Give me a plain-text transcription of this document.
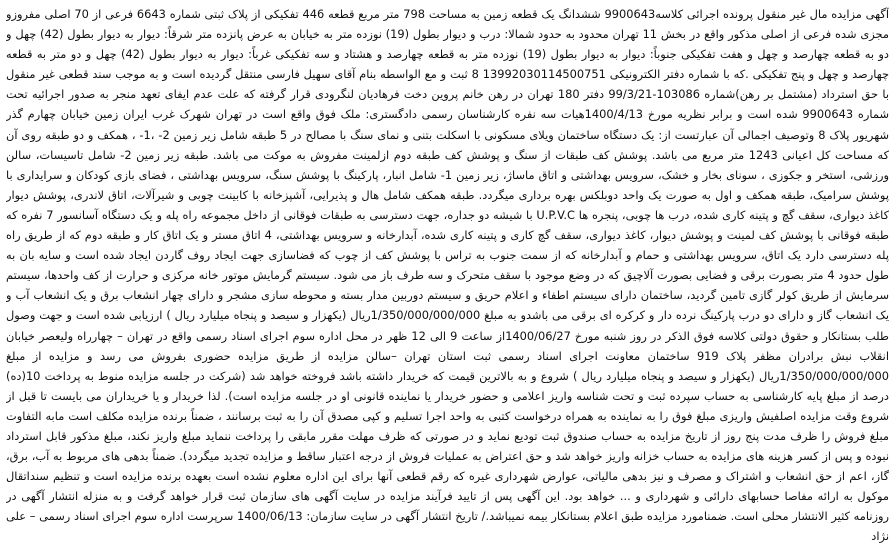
آگهی مزایده مال غیر منقول پرونده اجرائی کلاسه9900643 ششدانگ یک قطعه زمین به مساحت 798 متر مربع قطعه 446 تفکیکی از پلاک ثبتی شماره 6643 فرعی از 70 اصلی مفروزو مجزی شده فرعی از اصلی مذکور واقع در بخش 11 تهران محدود به حدود شمالا: درب و دیوار بطول (19) نوزده متر به خیابان به عرض پانزده متر شرقاً: دیوار به دیوار بطول (42) چهل و دو به قطعه چهارصد و چهل و هفت تفکیکی جنوباً: دیوار به دیوار بطول (19) نوزده متر به قطعه چهارصد و هشتاد و سه تفکیکی غرباً: دیوار به دیوار بطول (42) چهل و دو متر به قطعه چهارصد و چهل و پنج تفکیکی .که با شماره دفتر الکترونیکی 13992030114500751 8 ثبت و مع الواسطه بنام آقای سهیل فارسی منتقل گردیده است و به موجب سند قطعی غیر منقول با حق استرداد (مشتمل بر رهن)شماره 103086-99/3/21 دفتر 180 تهران در رهن خانم پروین دخت فرهادیان لنگرودی قرار گرفته که علت عدم ایفای تعهد منجر به صدور اجرائیه تحت شماره 9900643 شده است و برابر نظریه مورخ 1400/4/13هیات سه نفره کارشناسان رسمی دادگستری: ملک فوق واقع است در تهران شهرک غرب ایران زمین خیابان چهارم گذر شهریور پلاک 8 وتوصیف اجمالی آن عبارتست از: یک دستگاه ساختمان ویلای مسکونی با اسکلت بتنی و نمای سنگ با مصالح در 5 طبقه شامل زیر زمین 2- ،1- ، همکف و دو طبقه روی آن که مساحت کل اعیانی 1243 متر مربع می باشد. پوشش کف طبقات از سنگ و پوشش کف طبقه دوم ازلمینت مفروش به موکت می باشد. طبقه زیر زمین 2- شامل تاسیسات، سالن ورزشی، استخر و جکوزی ، سونای بخار و خشک، سرویس بهداشتی و اتاق ماساژ، زیر زمین 1- شامل انبار، پارکینگ با پوشش سنگ، سرویس بهداشتی ، فضای بازی کودکان و سرایداری با پوشش سرامیک، طبقه همکف و اول به صورت یک واحد دوبلکس بهره برداری میگردد. طبقه همکف شامل هال و پذیرایی، آشپزخانه با کابینت چوبی و شیرآلات، اتاق لاندری، پوشش دیوار کاغذ دیواری، سقف گچ و پتینه کاری شده، درب ها چوبی، پنجره ها U.P.V.C با شیشه دو جداره، جهت دسترسی به طبقات فوقانی از داخل مجموعه راه پله و یک دستگاه آسانسور 7 نفره که طبقه فوقانی با پوشش کف لمینت و پوشش دیوار، کاغذ دیواری، سقف گچ کاری و پتینه کاری شده، آبدارخانه و سرویس بهداشتی، 4 اتاق مستر و یک اتاق کار و طبقه دوم که از طریق راه پله دسترسی دارد یک اتاق، سرویس بهداشتی و حمام و آبدارخانه که از سمت جنوب به تراس با پوشش کف از چوب که فضاسازی جهت ایجاد روف گاردن ایجاد شده است و سایه بان به طول حدود 4 متر بصورت برقی و فضایی بصورت آلاچیق که در وضع موجود با سقف متحرک و سه طرف باز می شود. سیستم گرمایش موتور خانه مرکزی و حرارت از کف واحدها، سیستم سرمایش از طریق کولر گازی تامین گردید، ساختمان دارای سیستم اطفاء و اعلام حریق و سیستم دوربین مدار بسته و محوطه سازی مشجر و دارای چهار انشعاب برق و یک انشعاب آب و یک انشعاب گاز و دارای دو درب پارکینگ نرده دار و کرکره ای برقی می باشدو به مبلغ 1/350/000/000/000ریال (یکهزار و سیصد و پنجاه میلیارد ریال ) ارزیابی شده است و جهت وصول طلب بستانکار و حقوق دولتی کلاسه فوق الذکر در روز شنبه مورخ 1400/06/27از ساعت 9 الی 12 ظهر در محل اداره سوم اجرای اسناد رسمی واقع در تهران – چهارراه ولیعصر خیابان انقلاب نبش برادران مظفر پلاک 919 ساختمان معاونت اجرای اسناد رسمی ثبت استان تهران –سالن مزایده از طریق مزایده حضوری بفروش می رسد و مزایده از مبلغ 1/350/000/000/000ریال (یکهزار و سیصد و پنجاه میلیارد ریال ) شروع و به بالاترین قیمت که خریدار داشته باشد فروخته خواهد شد (شرکت در جلسه مزایده منوط به پرداخت 10(ده) درصد از مبلغ پایه کارشناسی به حساب سپرده ثبت و تحت شناسه واریز اعلامی و حضور خریدار یا نماینده قانونی او در جلسه مزایده است). لذا خریدار و یا خریداران می بایست تا قبل از شروع وقت مزایده اصلفیش واریزی مبلغ فوق را به نماینده به همراه درخواست کتبی به واحد اجرا تسلیم و کپی مصدق آن را به ثبت برسانند ، ضمناً برنده مزایده مکلف است مابه التفاوت مبلغ فروش را ظرف مدت پنج روز از تاریخ مزایده به حساب صندوق ثبت تودیع نماید و در صورتی که ظرف مهلت مقرر مابقی را پرداخت ننماید مبلغ واریز نکند، مبلغ مذکور قابل استرداد نبوده و پس از کسر هزینه های مزایده به حساب خزانه واریز خواهد شد و حق اعتراض به عملیات فروش از درجه اعتبار ساقط و مزایده تجدید میگردد). ضمناً بدهی های مربوط به آب، برق، گاز، اعم از حق انشعاب و اشتراک و مصرف و نیز بدهی مالیاتی، عوارض شهرداری غیره که رقم قطعی آنها برای این اداره معلوم نشده است بعهده برنده مزایده است و تنظیم سنداتقال موکول به ارائه مفاصا حسابهای دارائی و شهرداری و ... خواهد بود. این آگهی پس از تایید فرآیند مزایده در سایت آگهی های سازمان ثبت قرار خواهد گرفت و به منزله انتشار آگهی در روزنامه کثیر الانتشار محلی است. ضمنامورد مزایده طبق اعلام بستانکار بیمه نمیباشد./ تاریخ انتشار آگهی در سایت سازمان: 1400/06/13 سرپرست اداره سوم اجرای اسناد رسمی – علی نژاد
